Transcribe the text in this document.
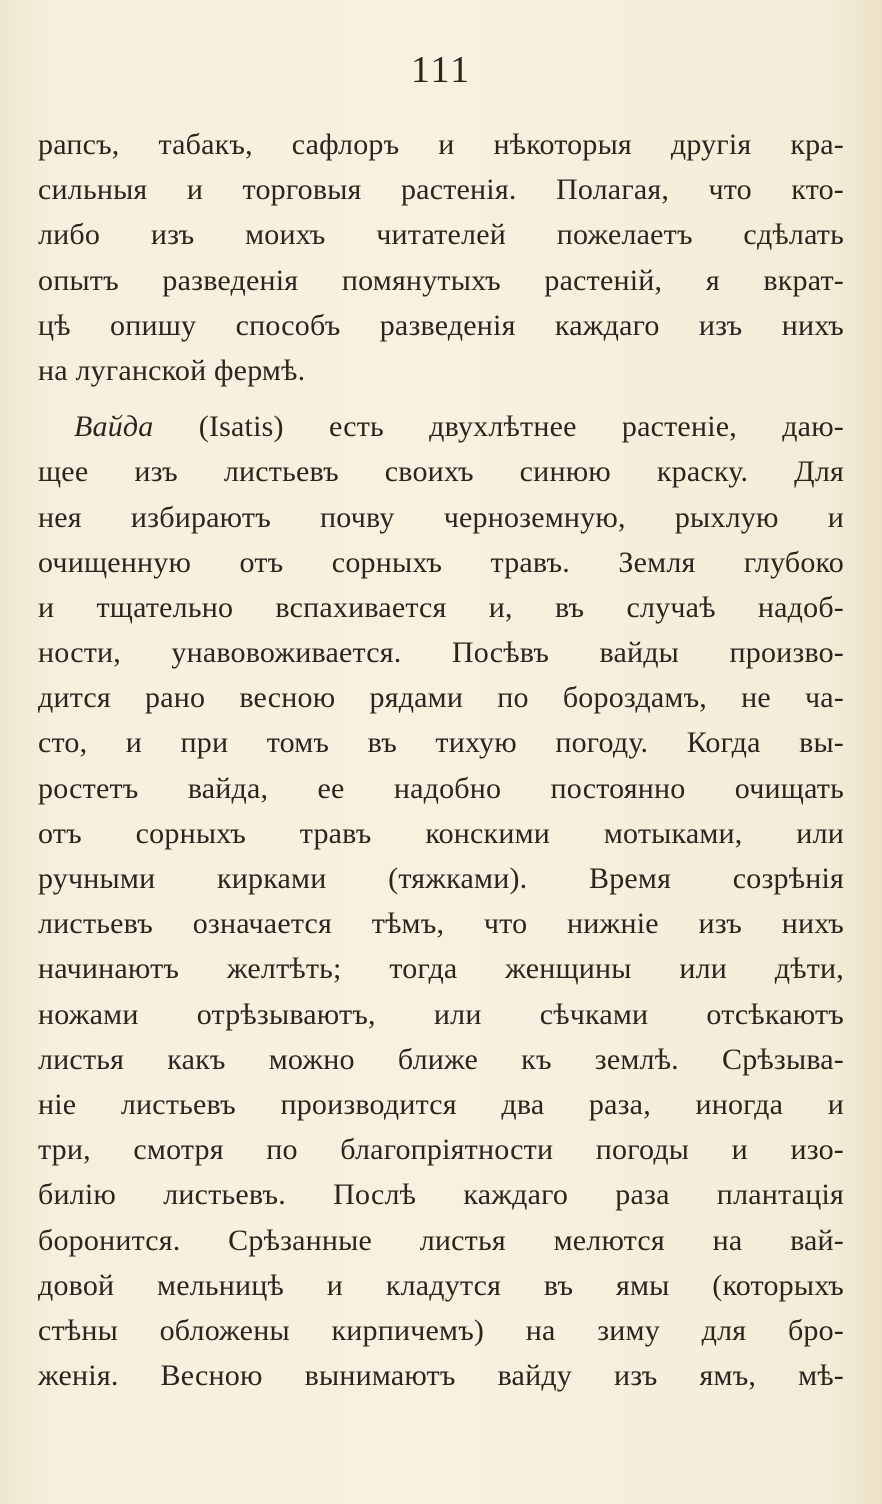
111
рапсъ, табакъ, сафлоръ и нѣкоторыя другія кра-
сильныя и торговыя растенія. Полагая, что кто-
либо изъ моихъ читателей пожелаетъ сдѣлать
опытъ разведенія помянутыхъ растеній, я вкрат-
цѣ опишу способъ разведенія каждаго изъ нихъ
на луганской фермѣ.
Вайда (Isatis) есть двухлѣтнее растеніе, даю-
щее изъ листьевъ своихъ синюю краску. Для
нея избираютъ почву черноземную, рыхлую и
очищенную отъ сорныхъ травъ. Земля глубоко
и тщательно вспахивается и, въ случаѣ надоб-
ности, унавовоживается. Посѣвъ вайды произво-
дится рано весною рядами по бороздамъ, не ча-
сто, и при томъ въ тихую погоду. Когда вы-
ростетъ вайда, ее надобно постоянно очищать
отъ сорныхъ травъ конскими мотыками, или
ручными кирками (тяжками). Время созрѣнія
листьевъ означается тѣмъ, что нижніе изъ нихъ
начинаютъ желтѣть; тогда женщины или дѣти,
ножами отрѣзываютъ, или сѣчками отсѣкаютъ
листья какъ можно ближе къ землѣ. Срѣзыва-
ніе листьевъ производится два раза, иногда и
три, смотря по благопріятности погоды и изо-
билію листьевъ. Послѣ каждаго раза плантація
боронится. Срѣзанные листья мелются на вай-
довой мельницѣ и кладутся въ ямы (которыхъ
стѣны обложены кирпичемъ) на зиму для бро-
женія. Весною вынимаютъ вайду изъ ямъ, мѣ-
